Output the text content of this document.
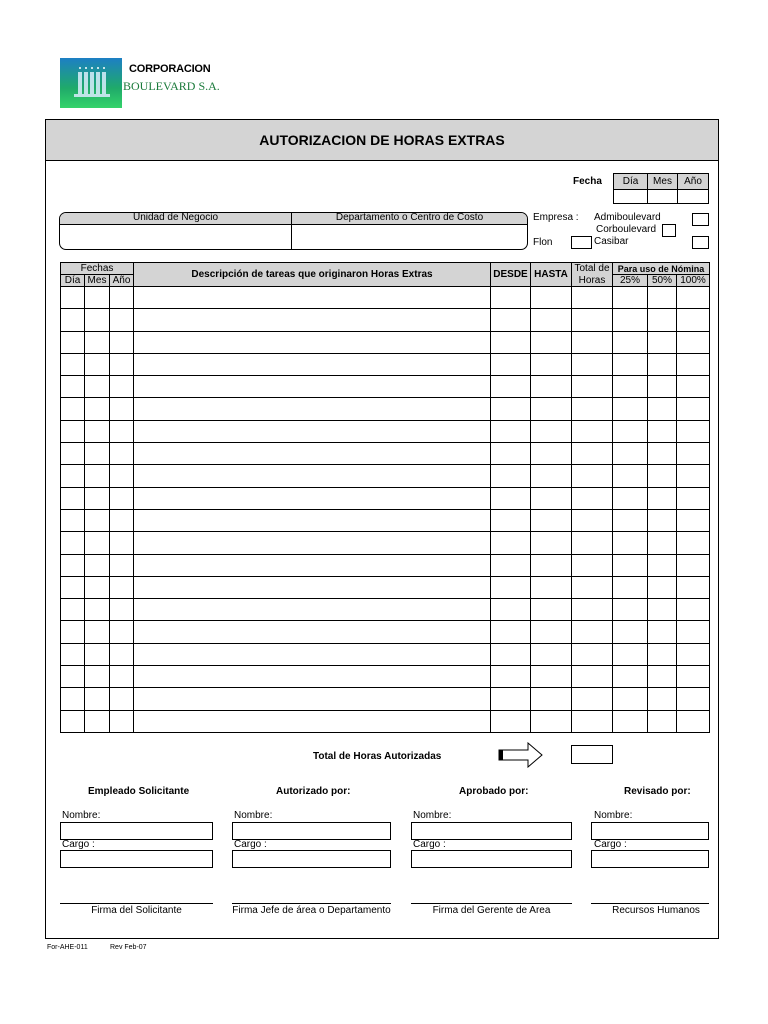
CORPORACION
BOULEVARD S.A.
AUTORIZACION DE HORAS EXTRAS
Fecha	Día	Mes	Año
Unidad de Negocio	Departamento o Centro de Costo	Empresa : Admiboulevard
Corboulevard
Flon	Casibar
Fechas			Descripción de tareas que originaron Horas Extras	DESDE	HASTA	Total de	Para uso de Nómina		
Día	Mes	Año				Horas	25%	50%	100%

Total de Horas Autorizadas
Empleado Solicitante	Autorizado por:	Aprobado por:	Revisado por:
Nombre:	Nombre:	Nombre:	Nombre:
Cargo :	Cargo :	Cargo :	Cargo :
Firma del Solicitante	Firma Jefe de área o Departamento	Firma del Gerente de Area	Recursos Humanos
For-AHE-011	Rev Feb-07
